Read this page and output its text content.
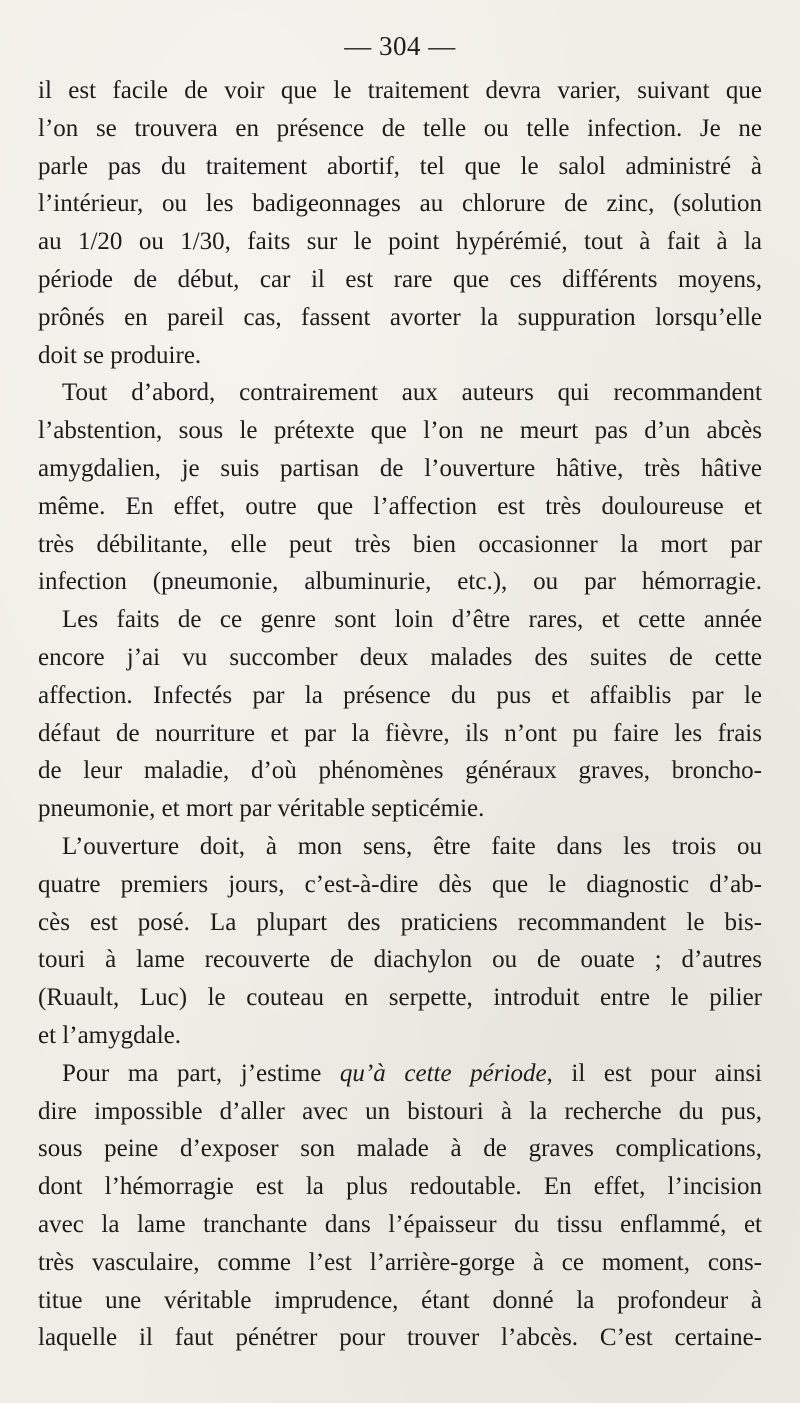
— 304 —
il est facile de voir que le traitement devra varier, suivant que
l’on se trouvera en présence de telle ou telle infection. Je ne
parle pas du traitement abortif, tel que le salol administré à
l’intérieur, ou les badigeonnages au chlorure de zinc, (solution
au 1/20 ou 1/30, faits sur le point hypérémié, tout à fait à la
période de début, car il est rare que ces différents moyens,
prônés en pareil cas, fassent avorter la suppuration lorsqu’elle
doit se produire.
Tout d’abord, contrairement aux auteurs qui recommandent
l’abstention, sous le prétexte que l’on ne meurt pas d’un abcès
amygdalien, je suis partisan de l’ouverture hâtive, très hâtive
même. En effet, outre que l’affection est très douloureuse et
très débilitante, elle peut très bien occasionner la mort par
infection (pneumonie, albuminurie, etc.), ou par hémorragie.
Les faits de ce genre sont loin d’être rares, et cette année
encore j’ai vu succomber deux malades des suites de cette
affection. Infectés par la présence du pus et affaiblis par le
défaut de nourriture et par la fièvre, ils n’ont pu faire les frais
de leur maladie, d’où phénomènes généraux graves, broncho-
pneumonie, et mort par véritable septicémie.
L’ouverture doit, à mon sens, être faite dans les trois ou
quatre premiers jours, c’est-à-dire dès que le diagnostic d’ab-
cès est posé. La plupart des praticiens recommandent le bis-
touri à lame recouverte de diachylon ou de ouate ; d’autres
(Ruault, Luc) le couteau en serpette, introduit entre le pilier
et l’amygdale.
Pour ma part, j’estime qu’à cette période, il est pour ainsi
dire impossible d’aller avec un bistouri à la recherche du pus,
sous peine d’exposer son malade à de graves complications,
dont l’hémorragie est la plus redoutable. En effet, l’incision
avec la lame tranchante dans l’épaisseur du tissu enflammé, et
très vasculaire, comme l’est l’arrière-gorge à ce moment, cons-
titue une véritable imprudence, étant donné la profondeur à
laquelle il faut pénétrer pour trouver l’abcès. C’est certaine-
